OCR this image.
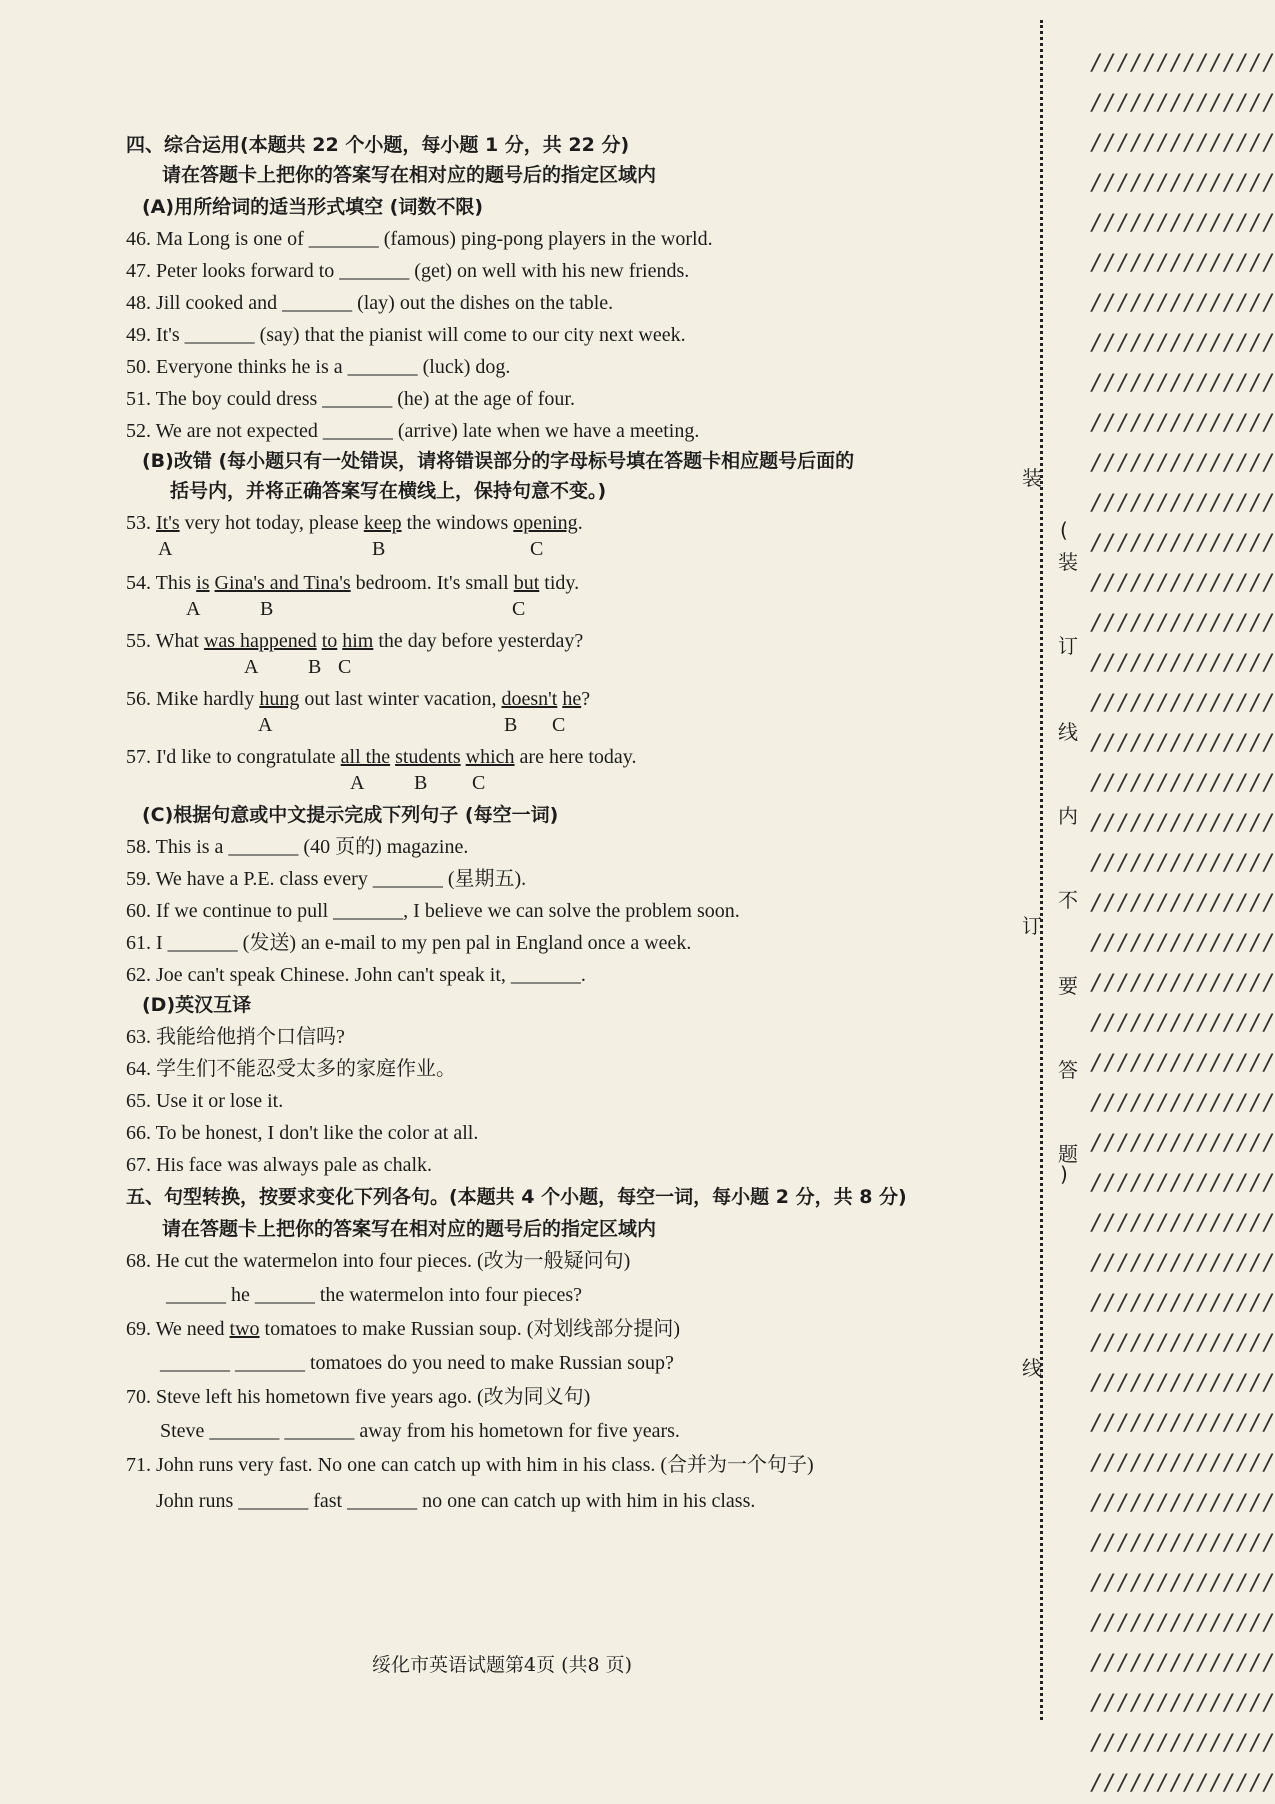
四、综合运用(本题共 22 个小题，每小题 1 分，共 22 分)
请在答题卡上把你的答案写在相对应的题号后的指定区域内
(A)用所给词的适当形式填空 (词数不限)
46. Ma Long is one of _______ (famous) ping-pong players in the world.
47. Peter looks forward to _______ (get) on well with his new friends.
48. Jill cooked and _______ (lay) out the dishes on the table.
49. It's _______ (say) that the pianist will come to our city next week.
50. Everyone thinks he is a _______ (luck) dog.
51. The boy could dress _______ (he) at the age of four.
52. We are not expected _______ (arrive) late when we have a meeting.
(B)改错 (每小题只有一处错误，请将错误部分的字母标号填在答题卡相应题号后面的
括号内，并将正确答案写在横线上，保持句意不变。)
53. It's very hot today, please keep the windows opening.
A	B	C
54. This is Gina's and Tina's bedroom. It's small but tidy.
A	B	C
55. What was happened to him the day before yesterday?
A B C
56. Mike hardly hung out last winter vacation, doesn't he?
A	B C
57. I'd like to congratulate all the students which are here today.
A B C
(C)根据句意或中文提示完成下列句子 (每空一词)
58. This is a _______ (40 页的) magazine.
59. We have a P.E. class every _______ (星期五).
60. If we continue to pull _______, I believe we can solve the problem soon.
61. I _______ (发送) an e-mail to my pen pal in England once a week.
62. Joe can't speak Chinese. John can't speak it, _______.
(D)英汉互译
63. 我能给他捎个口信吗?
64. 学生们不能忍受太多的家庭作业。
65. Use it or lose it.
66. To be honest, I don't like the color at all.
67. His face was always pale as chalk.
五、句型转换，按要求变化下列各句。(本题共 4 个小题，每空一词，每小题 2 分，共 8 分)
请在答题卡上把你的答案写在相对应的题号后的指定区域内
68. He cut the watermelon into four pieces. (改为一般疑问句)
______ he ______ the watermelon into four pieces?
69. We need two tomatoes to make Russian soup. (对划线部分提问)
_______ _______ tomatoes do you need to make Russian soup?
70. Steve left his hometown five years ago. (改为同义句)
Steve _______ _______ away from his hometown for five years.
71. John runs very fast. No one can catch up with him in his class. (合并为一个句子)
John runs _______ fast _______ no one can catch up with him in his class.
绥化市英语试题第4页 (共8 页)
装
(
装
订
线
内
不
订
要
答
题
)
线
//////////////
//////////////
//////////////
//////////////
//////////////
//////////////
//////////////
//////////////
//////////////
//////////////
//////////////
//////////////
//////////////
//////////////
//////////////
//////////////
//////////////
//////////////
//////////////
//////////////
//////////////
//////////////
//////////////
//////////////
//////////////
//////////////
//////////////
//////////////
//////////////
//////////////
//////////////
//////////////
//////////////
//////////////
//////////////
//////////////
//////////////
//////////////
//////////////
//////////////
//////////////
//////////////
//////////////
//////////////
